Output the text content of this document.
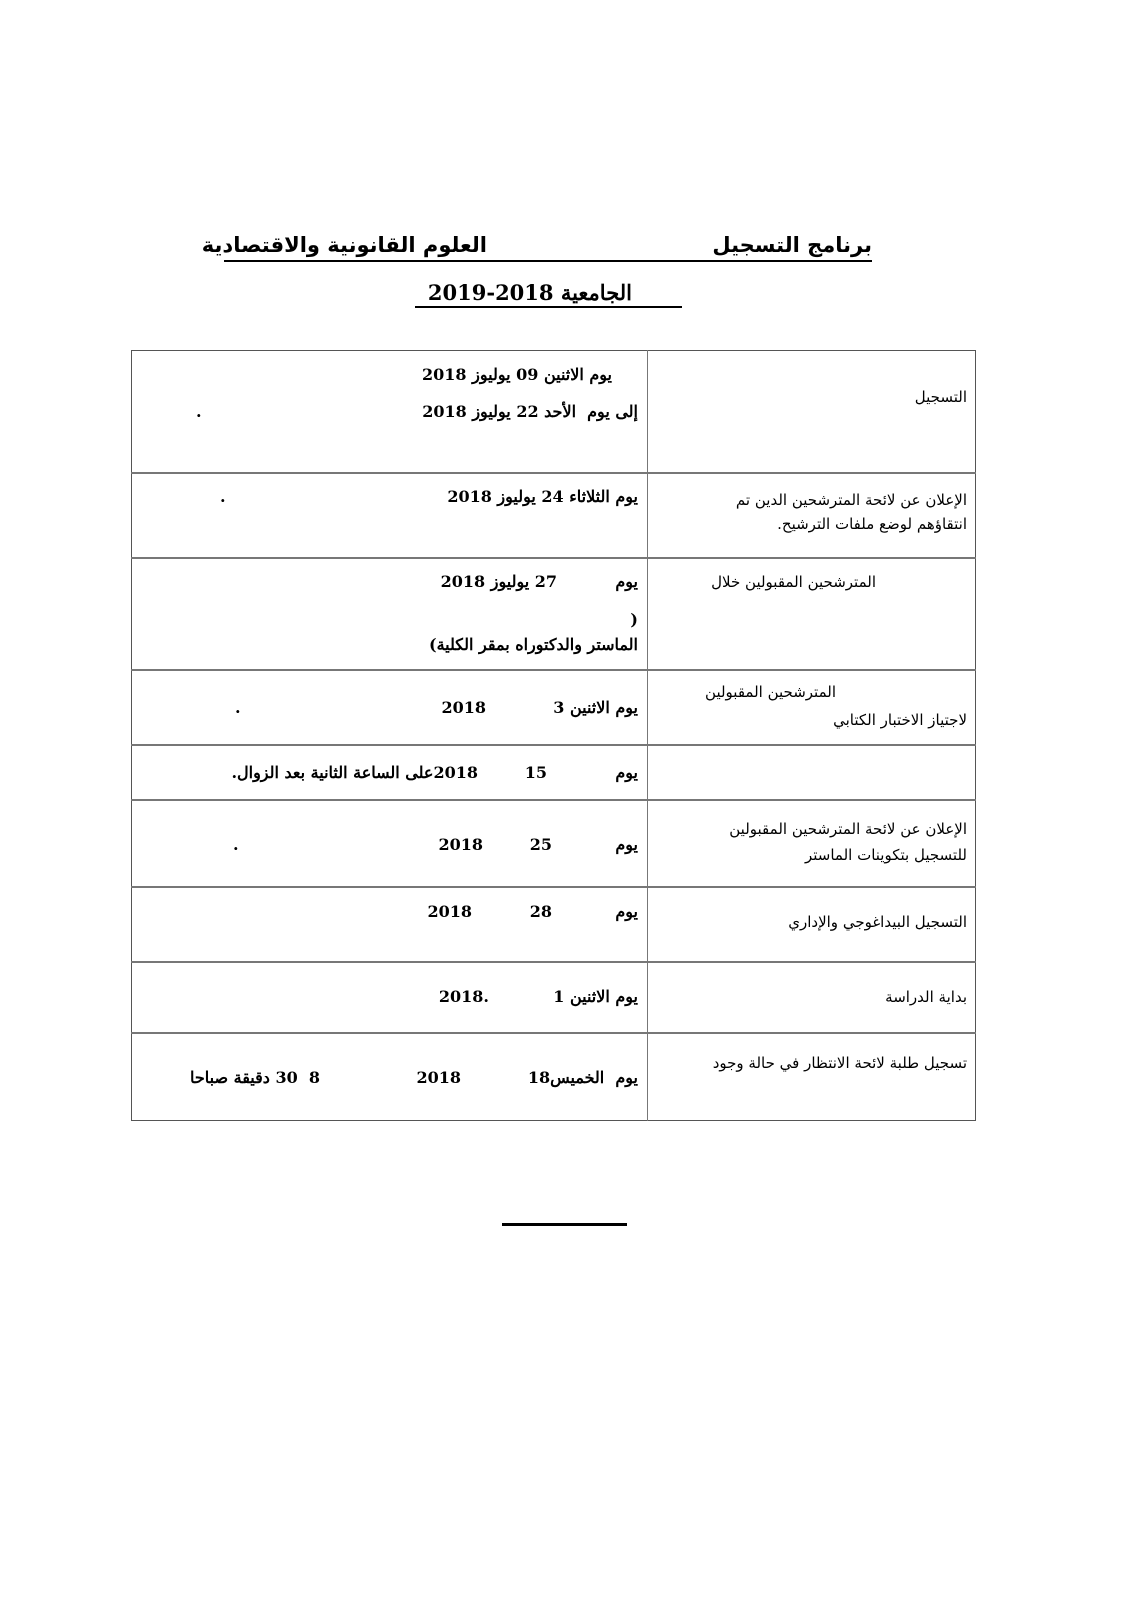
برنامج التسجيل
العلوم القانونية والاقتصادية
الجامعية 2018-2019
التسجيل
يوم الاثنين 09 يوليوز 2018
إلى يوم  الأحد 22 يوليوز 2018
.
الإعلان عن لائحة المترشحين الدين تم
انتقاؤهم لوضع ملفات الترشيح.
يوم الثلاثاء 24 يوليوز 2018
.
المترشحين المقبولين خلال
يوم
27 يوليوز 2018
(
الماستر والدكتوراه بمقر الكلية)
المترشحين المقبولين
لاجتياز الاختبار الكتابي
يوم الاثنين 3
2018
.
يوم
15
2018على الساعة الثانية بعد الزوال.
الإعلان عن لائحة المترشحين المقبولين
للتسجيل بتكوينات الماستر
يوم
25
2018
.
التسجيل البيداغوجي والإداري
يوم
28
2018
بداية الدراسة
يوم الاثنين 1
.2018
تسجيل طلبة لائحة الانتظار في حالة وجود
يوم  الخميس18
2018
8  30 دقيقة صباحا
